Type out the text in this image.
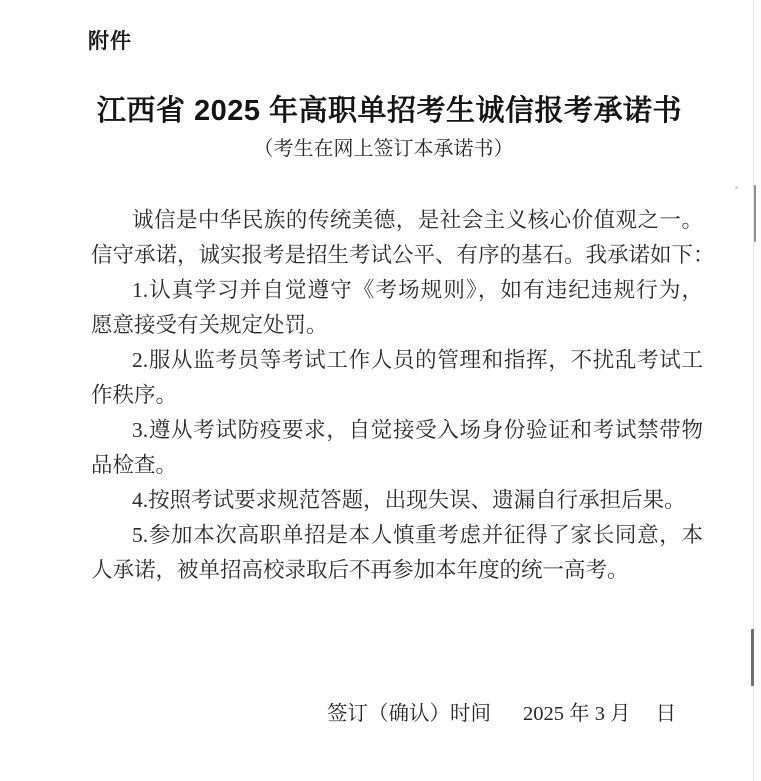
附件
江西省 2025 年高职单招考生诚信报考承诺书
（考生在网上签订本承诺书）

诚信是中华民族的传统美德，是社会主义核心价值观之一。
信守承诺，诚实报考是招生考试公平、有序的基石。我承诺如下：

1.认真学习并自觉遵守《考场规则》，如有违纪违规行为，
愿意接受有关规定处罚。

2.服从监考员等考试工作人员的管理和指挥，不扰乱考试工
作秩序。

3.遵从考试防疫要求，自觉接受入场身份验证和考试禁带物
品检查。

4.按照考试要求规范答题，出现失误、遗漏自行承担后果。

5.参加本次高职单招是本人慎重考虑并征得了家长同意，本
人承诺，被单招高校录取后不再参加本年度的统一高考。

签订（确认）时间 2025 年 3 月 日
